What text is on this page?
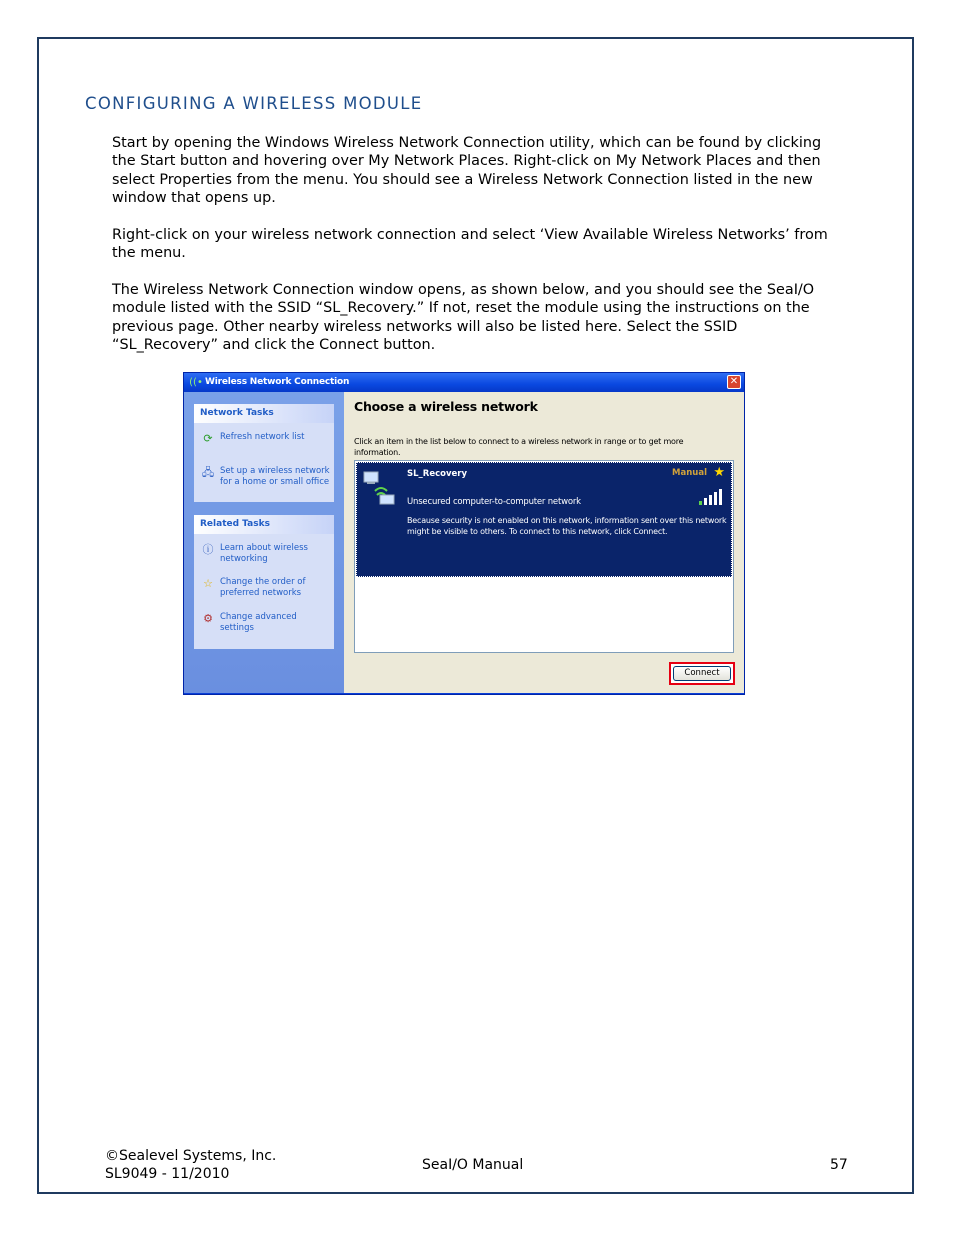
CONFIGURING A WIRELESS MODULE

Start by opening the Windows Wireless Network Connection utility, which can be found by clicking the Start button and hovering over My Network Places. Right-click on My Network Places and then select Properties from the menu. You should see a Wireless Network Connection listed in the new window that opens up.

Right-click on your wireless network connection and select ‘View Available Wireless Networks’ from the menu.

The Wireless Network Connection window opens, as shown below, and you should see the SeaI/O module listed with the SSID “SL_Recovery.” If not, reset the module using the instructions on the previous page. Other nearby wireless networks will also be listed here. Select the SSID “SL_Recovery” and click the Connect button.

((• Wireless Network Connection	✕
Network Tasks
⟳ Refresh network list
🖧 Set up a wireless network
for a home or small office
Related Tasks
ⓘ Learn about wireless
networking
☆ Change the order of
preferred networks
⚙ Change advanced
settings
Choose a wireless network
Click an item in the list below to connect to a wireless network in range or to get more information.
SL_Recovery	Manual ★
Unsecured computer-to-computer network
Because security is not enabled on this network, information sent over this network might be visible to others. To connect to this network, click Connect.
Connect
©Sealevel Systems, Inc.
SL9049 - 11/2010
SeaI/O Manual	57
